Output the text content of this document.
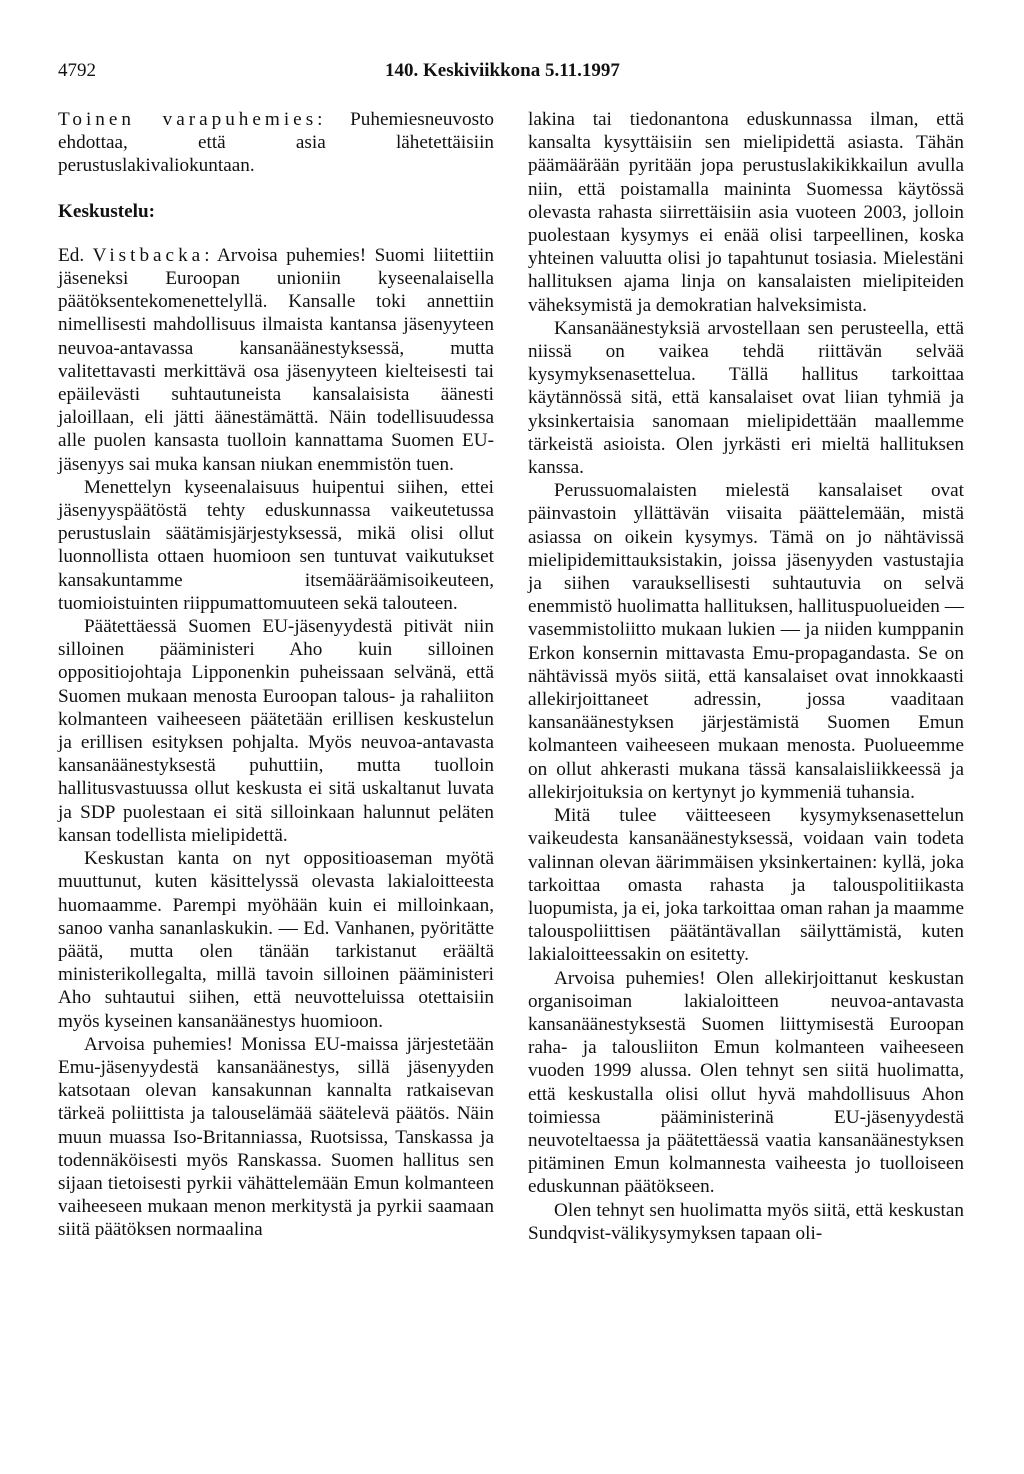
4792	140. Keskiviikkona 5.11.1997

Toinen varapuhemies: Puhemiesneuvosto ehdottaa, että asia lähetettäisiin perustuslakivaliokuntaan.

Keskustelu:

Ed. Vistbacka: Arvoisa puhemies! Suomi liitettiin jäseneksi Euroopan unioniin kyseenalaisella päätöksentekomenettelyllä. Kansalle toki annettiin nimellisesti mahdollisuus ilmaista kantansa jäsenyyteen neuvoa-antavassa kansanäänestyksessä, mutta valitettavasti merkittävä osa jäsenyyteen kielteisesti tai epäilevästi suhtautuneista kansalaisista äänesti jaloillaan, eli jätti äänestämättä. Näin todellisuudessa alle puolen kansasta tuolloin kannattama Suomen EU-jäsenyys sai muka kansan niukan enemmistön tuen.

Menettelyn kyseenalaisuus huipentui siihen, ettei jäsenyyspäätöstä tehty eduskunnassa vaikeutetussa perustuslain säätämisjärjestyksessä, mikä olisi ollut luonnollista ottaen huomioon sen tuntuvat vaikutukset kansakuntamme itsemääräämisoikeuteen, tuomioistuinten riippumattomuuteen sekä talouteen.

Päätettäessä Suomen EU-jäsenyydestä pitivät niin silloinen pääministeri Aho kuin silloinen oppositiojohtaja Lipponenkin puheissaan selvänä, että Suomen mukaan menosta Euroopan talous- ja rahaliiton kolmanteen vaiheeseen päätetään erillisen keskustelun ja erillisen esityksen pohjalta. Myös neuvoa-antavasta kansanäänestyksestä puhuttiin, mutta tuolloin hallitusvastuussa ollut keskusta ei sitä uskaltanut luvata ja SDP puolestaan ei sitä silloinkaan halunnut peläten kansan todellista mielipidettä.

Keskustan kanta on nyt oppositioaseman myötä muuttunut, kuten käsittelyssä olevasta lakialoitteesta huomaamme. Parempi myöhään kuin ei milloinkaan, sanoo vanha sananlaskukin. — Ed. Vanhanen, pyöritätte päätä, mutta olen tänään tarkistanut eräältä ministerikollegalta, millä tavoin silloinen pääministeri Aho suhtautui siihen, että neuvotteluissa otettaisiin myös kyseinen kansanäänestys huomioon.

Arvoisa puhemies! Monissa EU-maissa järjestetään Emu-jäsenyydestä kansanäänestys, sillä jäsenyyden katsotaan olevan kansakunnan kannalta ratkaisevan tärkeä poliittista ja talouselämää säätelevä päätös. Näin muun muassa Iso-Britanniassa, Ruotsissa, Tanskassa ja todennäköisesti myös Ranskassa. Suomen hallitus sen sijaan tietoisesti pyrkii vähättelemään Emun kolmanteen vaiheeseen mukaan menon merkitystä ja pyrkii saamaan siitä päätöksen normaalina

lakina tai tiedonantona eduskunnassa ilman, että kansalta kysyttäisiin sen mielipidettä asiasta. Tähän päämäärään pyritään jopa perustuslakikikkailun avulla niin, että poistamalla maininta Suomessa käytössä olevasta rahasta siirrettäisiin asia vuoteen 2003, jolloin puolestaan kysymys ei enää olisi tarpeellinen, koska yhteinen valuutta olisi jo tapahtunut tosiasia. Mielestäni hallituksen ajama linja on kansalaisten mielipiteiden väheksymistä ja demokratian halveksimista.

Kansanäänestyksiä arvostellaan sen perusteella, että niissä on vaikea tehdä riittävän selvää kysymyksenasettelua. Tällä hallitus tarkoittaa käytännössä sitä, että kansalaiset ovat liian tyhmiä ja yksinkertaisia sanomaan mielipidettään maallemme tärkeistä asioista. Olen jyrkästi eri mieltä hallituksen kanssa.

Perussuomalaisten mielestä kansalaiset ovat päinvastoin yllättävän viisaita päättelemään, mistä asiassa on oikein kysymys. Tämä on jo nähtävissä mielipidemittauksistakin, joissa jäsenyyden vastustajia ja siihen varauksellisesti suhtautuvia on selvä enemmistö huolimatta hallituksen, hallituspuolueiden — vasemmistoliitto mukaan lukien — ja niiden kumppanin Erkon konsernin mittavasta Emu-propagandasta. Se on nähtävissä myös siitä, että kansalaiset ovat innokkaasti allekirjoittaneet adressin, jossa vaaditaan kansanäänestyksen järjestämistä Suomen Emun kolmanteen vaiheeseen mukaan menosta. Puolueemme on ollut ahkerasti mukana tässä kansalaisliikkeessä ja allekirjoituksia on kertynyt jo kymmeniä tuhansia.

Mitä tulee väitteeseen kysymyksenasettelun vaikeudesta kansanäänestyksessä, voidaan vain todeta valinnan olevan äärimmäisen yksinkertainen: kyllä, joka tarkoittaa omasta rahasta ja talouspolitiikasta luopumista, ja ei, joka tarkoittaa oman rahan ja maamme talouspoliittisen päätäntävallan säilyttämistä, kuten lakialoitteessakin on esitetty.

Arvoisa puhemies! Olen allekirjoittanut keskustan organisoiman lakialoitteen neuvoa-antavasta kansanäänestyksestä Suomen liittymisestä Euroopan raha- ja talousliiton Emun kolmanteen vaiheeseen vuoden 1999 alussa. Olen tehnyt sen siitä huolimatta, että keskustalla olisi ollut hyvä mahdollisuus Ahon toimiessa pääministerinä EU-jäsenyydestä neuvoteltaessa ja päätettäessä vaatia kansanäänestyksen pitäminen Emun kolmannesta vaiheesta jo tuolloiseen eduskunnan päätökseen.

Olen tehnyt sen huolimatta myös siitä, että keskustan Sundqvist-välikysymyksen tapaan oli-
